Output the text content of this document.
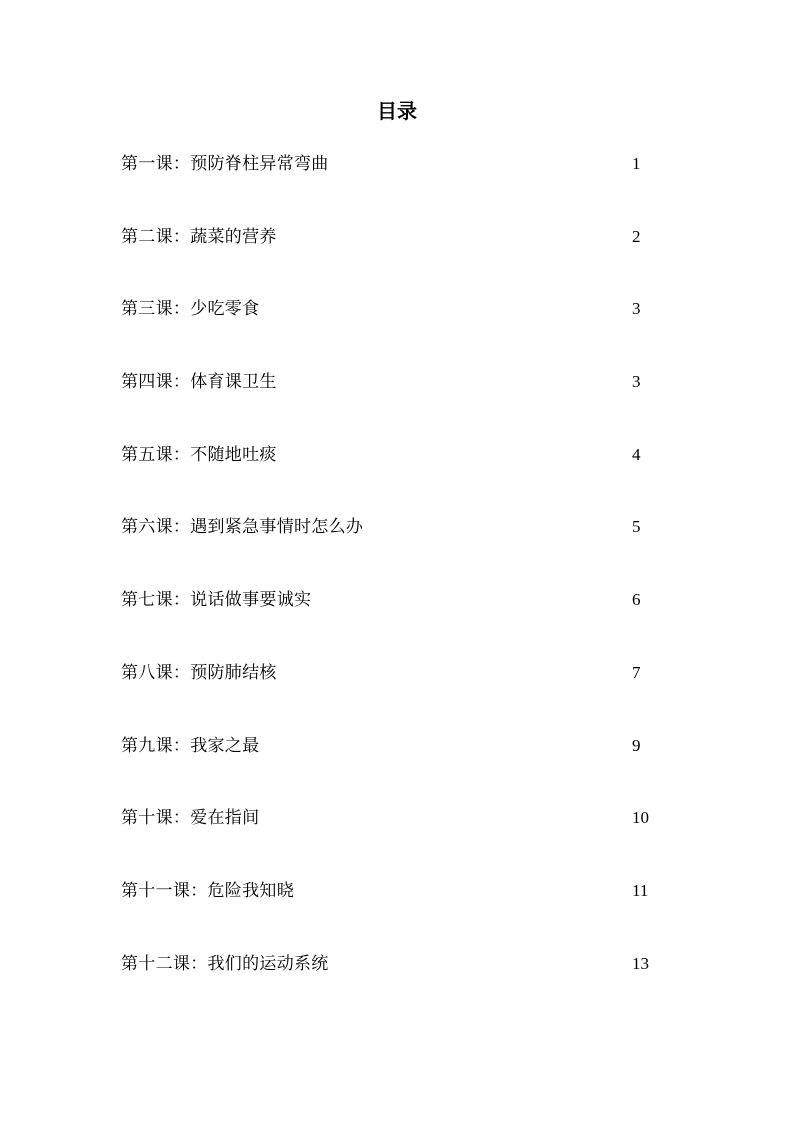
目录
第一课：预防脊柱异常弯曲	1
第二课：蔬菜的营养	2
第三课：少吃零食	3
第四课：体育课卫生	3
第五课：不随地吐痰	4
第六课：遇到紧急事情时怎么办	5
第七课：说话做事要诚实	6
第八课：预防肺结核	7
第九课：我家之最	9
第十课：爱在指间	10
第十一课：危险我知晓	11
第十二课：我们的运动系统	13
